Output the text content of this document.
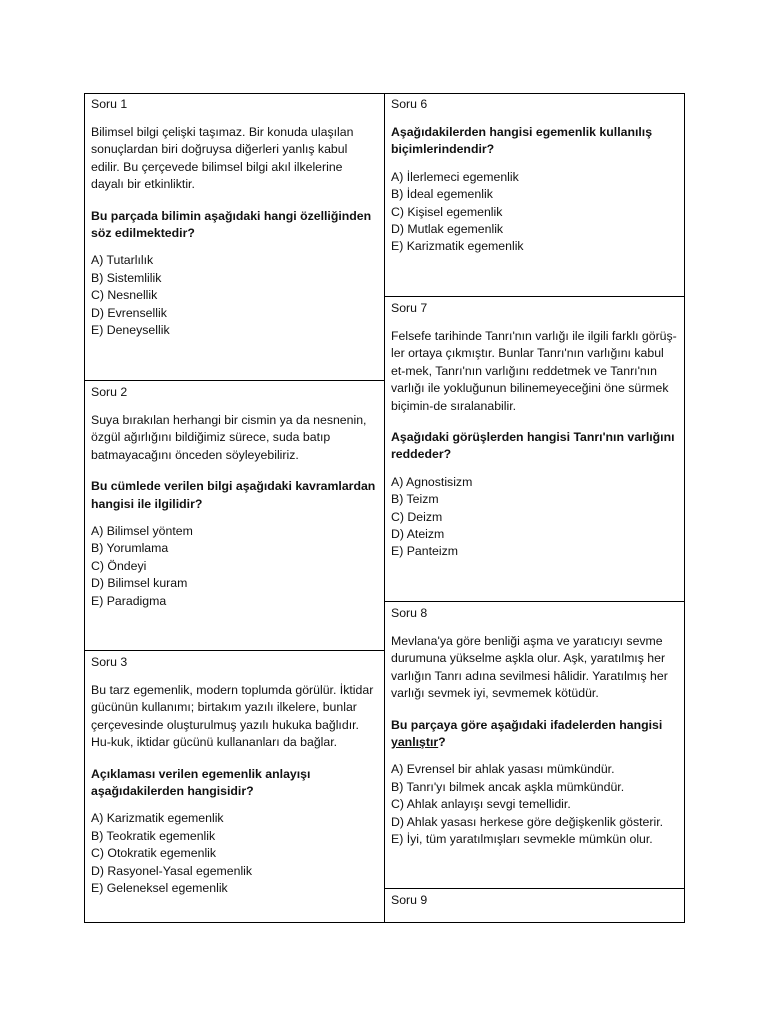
Soru 1
Bilimsel bilgi çelişki taşımaz. Bir konuda ulaşılan sonuçlardan biri doğruysa diğerleri yanlış kabul edilir. Bu çerçevede bilimsel bilgi akıl ilkelerine dayalı bir etkinliktir.
Bu parçada bilimin aşağıdaki hangi özelliğinden söz edilmektedir?
A) Tutarlılık
B) Sistemlilik
C) Nesnellik
D) Evrensellik
E) Deneysellik
Soru 2
Suya bırakılan herhangi bir cismin ya da nesnenin, özgül ağırlığını bildiğimiz sürece, suda batıp batmayacağını önceden söyleyebiliriz.
Bu cümlede verilen bilgi aşağıdaki kavramlardan hangisi ile ilgilidir?
A) Bilimsel yöntem
B) Yorumlama
C) Öndeyi
D) Bilimsel kuram
E) Paradigma
Soru 3
Bu tarz egemenlik, modern toplumda görülür. İktidar gücünün kullanımı; birtakım yazılı ilkelere, bunlar çerçevesinde oluşturulmuş yazılı hukuka bağlıdır. Hu-kuk, iktidar gücünü kullananları da bağlar.
Açıklaması verilen egemenlik anlayışı aşağıdakilerden hangisidir?
A) Karizmatik egemenlik
B) Teokratik egemenlik
C) Otokratik egemenlik
D) Rasyonel-Yasal egemenlik
E) Geleneksel egemenlik
Soru 6
Aşağıdakilerden hangisi egemenlik kullanılış biçimlerindendir?
A) İlerlemeci egemenlik
B) İdeal egemenlik
C) Kişisel egemenlik
D) Mutlak egemenlik
E) Karizmatik egemenlik
Soru 7
Felsefe tarihinde Tanrı'nın varlığı ile ilgili farklı görüş-ler ortaya çıkmıştır. Bunlar Tanrı'nın varlığını kabul et-mek, Tanrı'nın varlığını reddetmek ve Tanrı'nın varlığı ile yokluğunun bilinemeyeceğini öne sürmek biçimin-de sıralanabilir.
Aşağıdaki görüşlerden hangisi Tanrı'nın varlığını reddeder?
A) Agnostisizm
B) Teizm
C) Deizm
D) Ateizm
E) Panteizm
Soru 8
Mevlana'ya göre benliği aşma ve yaratıcıyı sevme durumuna yükselme aşkla olur. Aşk, yaratılmış her varlığın Tanrı adına sevilmesi hâlidir. Yaratılmış her varlığı sevmek iyi, sevmemek kötüdür.
Bu parçaya göre aşağıdaki ifadelerden hangisi yanlıştır?
A) Evrensel bir ahlak yasası mümkündür.
B) Tanrı'yı bilmek ancak aşkla mümkündür.
C) Ahlak anlayışı sevgi temellidir.
D) Ahlak yasası herkese göre değişkenlik gösterir.
E) İyi, tüm yaratılmışları sevmekle mümkün olur.
Soru 9
